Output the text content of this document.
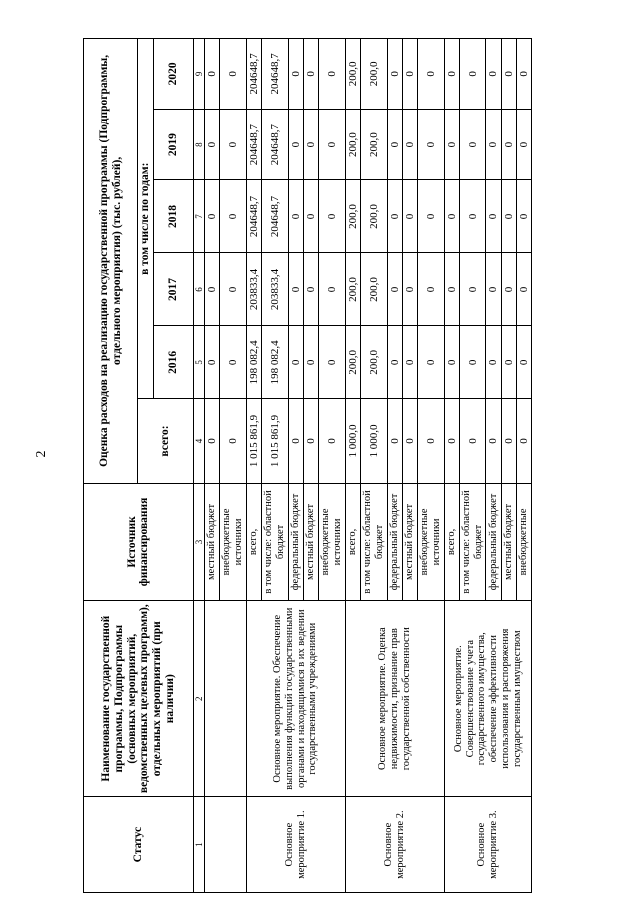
2
Статус	Наименование государственной программы, Подпрограммы (основных мероприятий, ведомственных целевых программ), отдельных мероприятий (при наличии)	Источник финансирования	Оценка расходов на реализацию государственной программы (Подпрограммы, отдельного мероприятия) (тыс. рублей),					
			всего:	в том числе по годам:				
				2016	2017	2018	2019	2020
1	2	3	4	5	6	7	8	9
		местный бюджет	0	0	0	0	0	0
		внебюджетные источники	0	0	0	0	0	0
Основное мероприятие 1.	Основное мероприятие. Обеспечение выполнения функций государственными органами и находящимися в их ведении государственными учреждениями	всего,	1 015 861,9	198 082,4	203833,4	204648,7	204648,7	204648,7
		в том числе: областной бюджет	1 015 861,9	198 082,4	203833,4	204648,7	204648,7	204648,7
		федеральный бюджет	0	0	0	0	0	0
		местный бюджет	0	0	0	0	0	0
		внебюджетные источники	0	0	0	0	0	0
Основное мероприятие 2.	Основное мероприятие. Оценка недвижимости, признание прав государственной собственности	всего,	1 000,0	200,0	200,0	200,0	200,0	200,0
		в том числе: областной бюджет	1 000,0	200,0	200,0	200,0	200,0	200,0
		федеральный бюджет	0	0	0	0	0	0
		местный бюджет	0	0	0	0	0	0
		внебюджетные источники	0	0	0	0	0	0
Основное мероприятие 3.	Основное мероприятие. Совершенствование учета государственного имущества, обеспечение эффективности использования и распоряжения государственным имуществом	всего,	0	0	0	0	0	0
		в том числе: областной бюджет	0	0	0	0	0	0
		федеральный бюджет	0	0	0	0	0	0
		местный бюджет	0	0	0	0	0	0
		внебюджетные	0	0	0	0	0	0
